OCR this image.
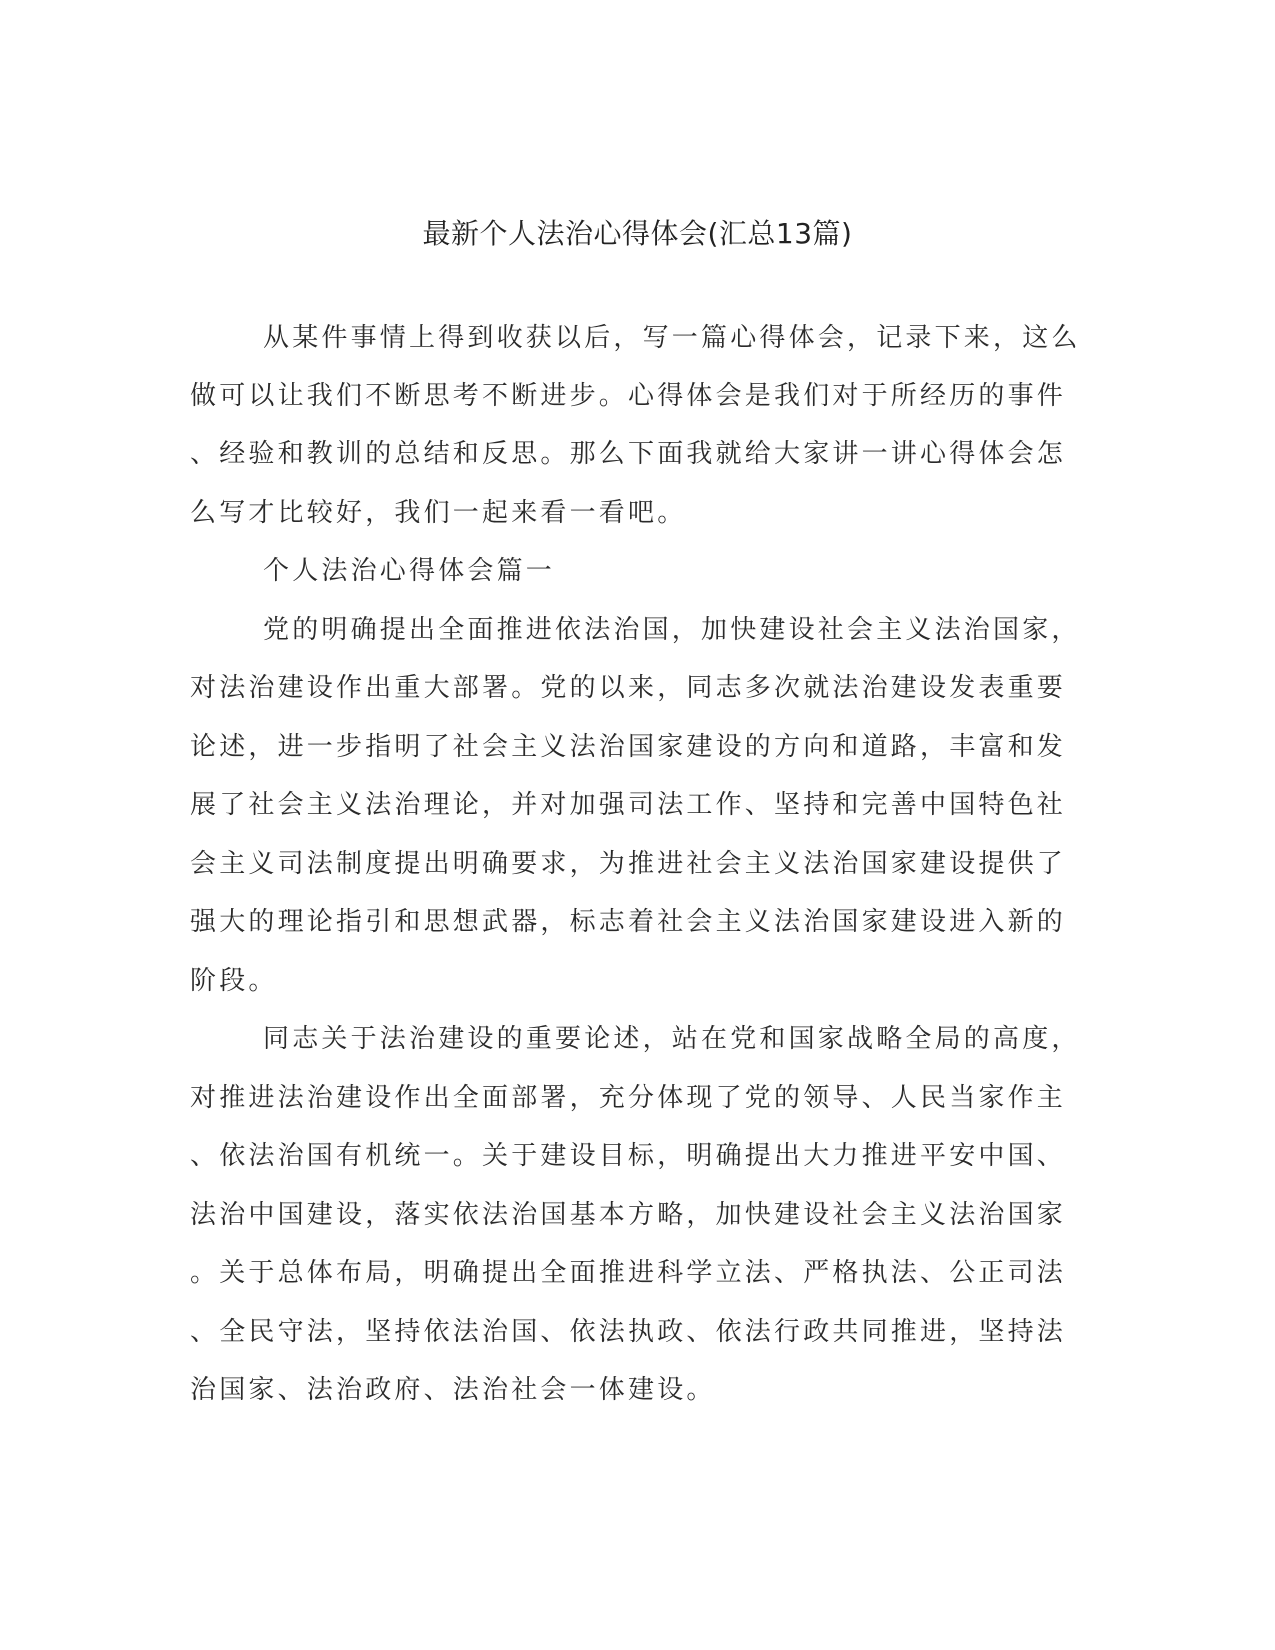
最新个人法治心得体会(汇总13篇)
从某件事情上得到收获以后，写一篇心得体会，记录下来，这么
做可以让我们不断思考不断进步。心得体会是我们对于所经历的事件
、经验和教训的总结和反思。那么下面我就给大家讲一讲心得体会怎
么写才比较好，我们一起来看一看吧。
个人法治心得体会篇一
党的明确提出全面推进依法治国，加快建设社会主义法治国家，
对法治建设作出重大部署。党的以来，同志多次就法治建设发表重要
论述，进一步指明了社会主义法治国家建设的方向和道路，丰富和发
展了社会主义法治理论，并对加强司法工作、坚持和完善中国特色社
会主义司法制度提出明确要求，为推进社会主义法治国家建设提供了
强大的理论指引和思想武器，标志着社会主义法治国家建设进入新的
阶段。
同志关于法治建设的重要论述，站在党和国家战略全局的高度，
对推进法治建设作出全面部署，充分体现了党的领导、人民当家作主
、依法治国有机统一。关于建设目标，明确提出大力推进平安中国、
法治中国建设，落实依法治国基本方略，加快建设社会主义法治国家
。关于总体布局，明确提出全面推进科学立法、严格执法、公正司法
、全民守法，坚持依法治国、依法执政、依法行政共同推进，坚持法
治国家、法治政府、法治社会一体建设。
